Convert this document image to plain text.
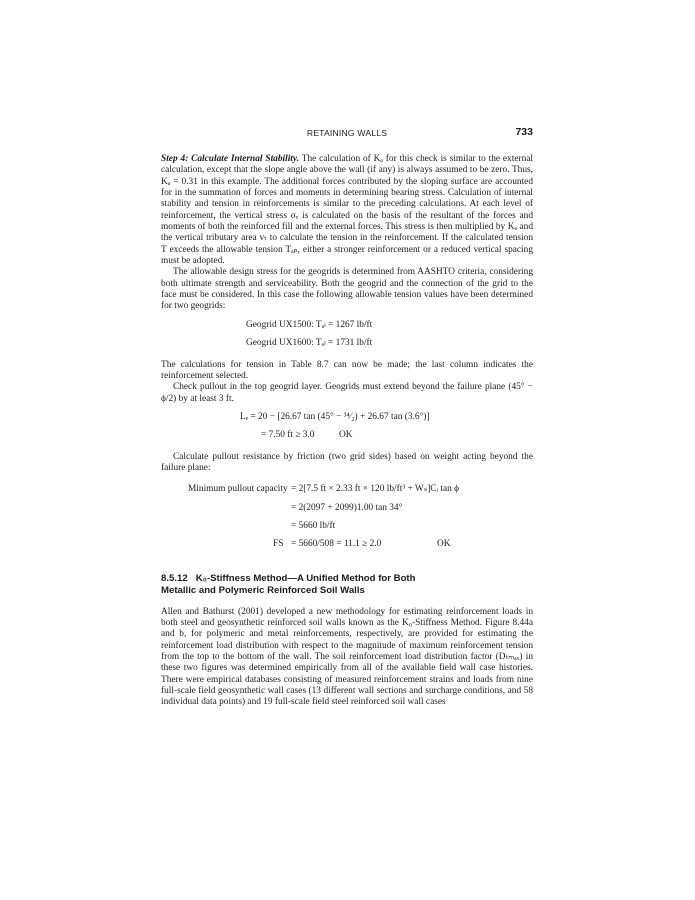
RETAINING WALLS	733

Step 4: Calculate Internal Stability. The calculation of Kₐ for this check is similar to the external calculation, except that the slope angle above the wall (if any) is always assumed to be zero. Thus, Kₐ = 0.31 in this example. The additional forces contributed by the sloping surface are accounted for in the summation of forces and moments in determining bearing stress. Calculation of internal stability and tension in reinforcements is similar to the preceding calculations. At each level of reinforcement, the vertical stress σᵥ is calculated on the basis of the resultant of the forces and moments of both the reinforced fill and the external forces. This stress is then multiplied by Kₐ and the vertical tributary area vₜ to calculate the tension in the reinforcement. If the calculated tension T exceeds the allowable tension Tₐₚ, either a stronger reinforcement or a reduced vertical spacing must be adopted.

The allowable design stress for the geogrids is determined from AASHTO criteria, considering both ultimate strength and serviceability. Both the geogrid and the connection of the grid to the face must be considered. In this case the following allowable tension values have been determined for two geogrids:

Geogrid UX1500: Tₐₗ = 1267 lb/ft
Geogrid UX1600: Tₐₗ = 1731 lb/ft

The calculations for tension in Table 8.7 can now be made; the last column indicates the reinforcement selected.

Check pullout in the top geogrid layer. Geogrids must extend beyond the failure plane (45° − ϕ/2) by at least 3 ft.

Lₑ = 20 − [26.67 tan (45° − ³⁴⁄₂) + 26.67 tan (3.6°)]
= 7.50 ft ≥ 3.0	OK

Calculate pullout resistance by friction (two grid sides) based on weight acting beyond the failure plane:

Minimum pullout capacity = 2[7.5 ft × 2.33 ft × 120 lb/ft³ + Wₛ]Cᵢ tan ϕ
= 2(2097 + 2099)1.00 tan 34°
= 5660 lb/ft
FS = 5660/508 = 11.1 ≥ 2.0	OK
8.5.12 K₀-Stiffness Method—A Unified Method for Both
Metallic and Polymeric Reinforced Soil Walls

Allen and Bathurst (2001) developed a new methodology for estimating reinforcement loads in both steel and geosynthetic reinforced soil walls known as the K₀-Stiffness Method. Figure 8.44a and b, for polymeric and metal reinforcements, respectively, are provided for estimating the reinforcement load distribution with respect to the magnitude of maximum reinforcement tension from the top to the bottom of the wall. The soil reinforcement load distribution factor (Dₜₘₐₓ) in these two figures was determined empirically from all of the available field wall case histories. There were empirical databases consisting of measured reinforcement strains and loads from nine full-scale field geosynthetic wall cases (13 different wall sections and surcharge conditions, and 58 individual data points) and 19 full-scale field steel reinforced soil wall cases
